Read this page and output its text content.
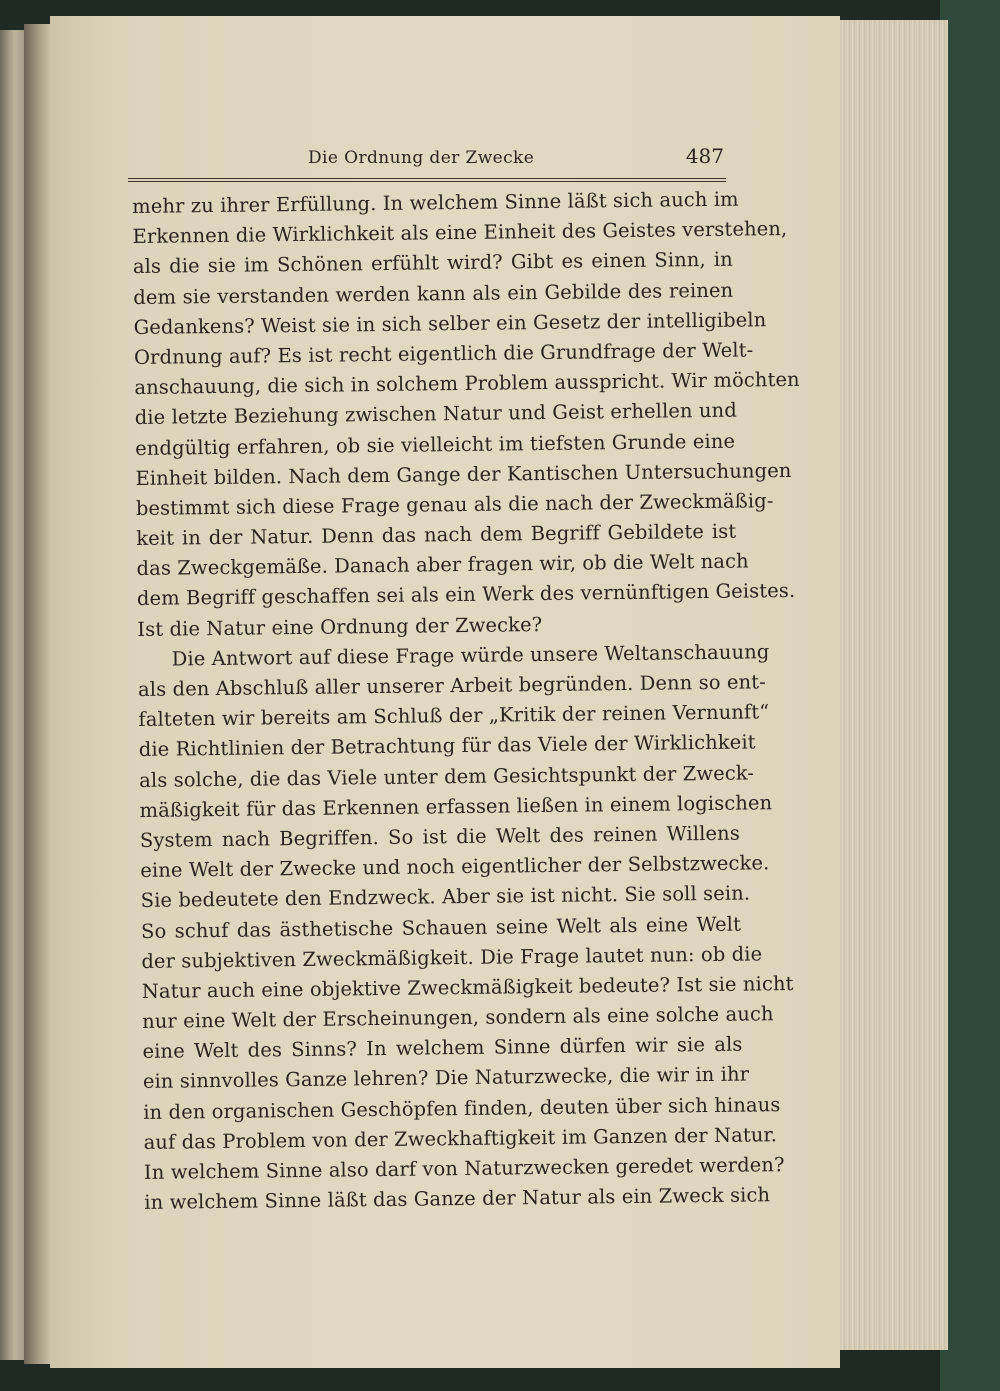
Die Ordnung der Zwecke	487
mehr zu ihrer Erfüllung. In welchem Sinne läßt sich auch im
Erkennen die Wirklichkeit als eine Einheit des Geistes verstehen,
als die sie im Schönen erfühlt wird? Gibt es einen Sinn, in
dem sie verstanden werden kann als ein Gebilde des reinen
Gedankens? Weist sie in sich selber ein Gesetz der intelligibeln
Ordnung auf? Es ist recht eigentlich die Grundfrage der Welt-
anschauung, die sich in solchem Problem ausspricht. Wir möchten
die letzte Beziehung zwischen Natur und Geist erhellen und
endgültig erfahren, ob sie vielleicht im tiefsten Grunde eine
Einheit bilden. Nach dem Gange der Kantischen Untersuchungen
bestimmt sich diese Frage genau als die nach der Zweckmäßig-
keit in der Natur. Denn das nach dem Begriff Gebildete ist
das Zweckgemäße. Danach aber fragen wir, ob die Welt nach
dem Begriff geschaffen sei als ein Werk des vernünftigen Geistes.
Ist die Natur eine Ordnung der Zwecke?
Die Antwort auf diese Frage würde unsere Weltanschauung
als den Abschluß aller unserer Arbeit begründen. Denn so ent-
falteten wir bereits am Schluß der „Kritik der reinen Vernunft“
die Richtlinien der Betrachtung für das Viele der Wirklichkeit
als solche, die das Viele unter dem Gesichtspunkt der Zweck-
mäßigkeit für das Erkennen erfassen ließen in einem logischen
System nach Begriffen. So ist die Welt des reinen Willens
eine Welt der Zwecke und noch eigentlicher der Selbstzwecke.
Sie bedeutete den Endzweck. Aber sie ist nicht. Sie soll sein.
So schuf das ästhetische Schauen seine Welt als eine Welt
der subjektiven Zweckmäßigkeit. Die Frage lautet nun: ob die
Natur auch eine objektive Zweckmäßigkeit bedeute? Ist sie nicht
nur eine Welt der Erscheinungen, sondern als eine solche auch
eine Welt des Sinns? In welchem Sinne dürfen wir sie als
ein sinnvolles Ganze lehren? Die Naturzwecke, die wir in ihr
in den organischen Geschöpfen finden, deuten über sich hinaus
auf das Problem von der Zweckhaftigkeit im Ganzen der Natur.
In welchem Sinne also darf von Naturzwecken geredet werden?
in welchem Sinne läßt das Ganze der Natur als ein Zweck sich
